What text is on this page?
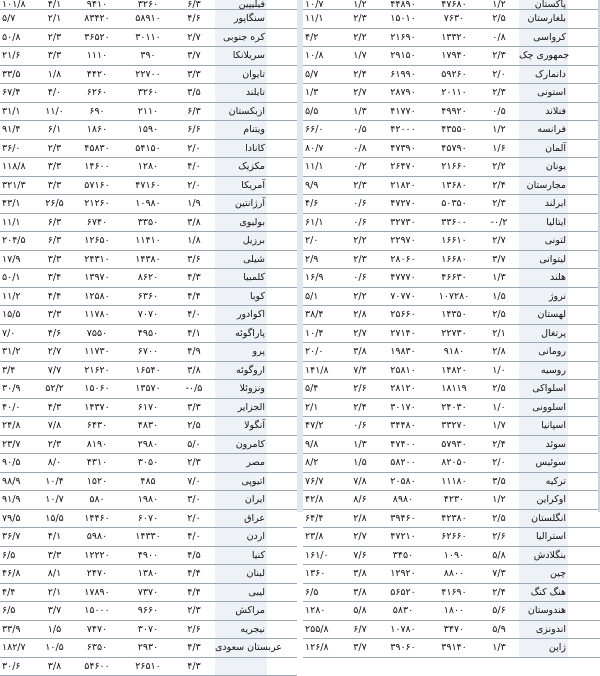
۱۰۱/۸	۴/۱	۹۴۱۰	۳۲۶۰	۶/۳	فیلیپین
۵/۷	۲/۱	۸۳۴۲۰	۵۸۹۱۰	۴/۶	سنگاپور
۵۰/۸	۲/۳	۳۶۵۲۰	۳۰۱۱۰	۲/۷	کره جنوبی
۲۱/۶	۳/۳	۱۱۱۰	۳۹۰	۳/۷	سریلانکا
۳۳/۵	۱/۸	۴۴۲۰	۲۲۷۰۰	۳/۳	تایوان
۶۷/۴	۴/۰	۶۲۶۰	۳۲۶۰	۳/۵	تایلند
۳۱/۱	۱۱/۰	۶۹۰	۲۱۱۰	۶/۳	ازبکستان
۹۱/۴	۶/۱	۱۸۶۰	۱۵۹۰	۶/۶	ویتنام
۳۶/۰	۲/۳	۴۵۸۳۰	۵۴۱۵۰	۲/۰	کانادا
۱۱۸/۸	۳/۳	۱۴۶۰۰	۱۲۸۰	۴/۰	مکزیک
۳۲۱/۳	۳/۳	۵۷۱۶۰	۴۷۱۶۰	۲/۰	آمریکا
۴۳/۱	۲۶/۵	۲۱۲۶۰	۱۰۹۸۰	۱/۹	آرژانتین
۱۱/۱	۶/۳	۶۷۴۰	۳۳۵۰	۳/۸	بولیوی
۲۰۴/۵	۶/۳	۱۲۶۵۰	۱۱۴۱۰	۱/۸	برزیل
۱۷/۹	۳/۳	۲۴۳۱۰	۱۴۳۸۰	۳/۶	شیلی
۵۰/۱	۳/۴	۱۳۹۷۰	۸۶۲۰	۴/۳	کلمبیا
۱۱/۲	۴/۴	۱۲۵۸۰	۶۳۶۰	۴/۴	کوبا
۱۵/۵	۳/۳	۱۱۷۸۰	۷۰۷۰	۴/۰	اکوادور
۷/۰	۴/۶	۷۵۵۰	۴۹۵۰	۴/۱	پاراگوئه
۳۱/۲	۲/۷	۱۱۷۳۰	۶۷۰۰	۴/۹	پرو
۳/۴	۷/۷	۲۱۶۲۰	۱۶۵۴۰	۳/۸	اروگوئه
۳۰/۹	۵۲/۲	۱۵۰۶۰	۱۳۵۷۰	-۰/۵	ونزوئلا
۴۰/۰	۴/۳	۱۴۳۷۰	۶۱۷۰	۳/۳	الجزایر
۲۴/۸	۷/۸	۶۴۳۰	۴۸۳۰	۲/۵	آنگولا
۲۳/۷	۲/۳	۸۱۹۰	۲۹۸۰	۵/۰	کامرون
۹۰/۵	۸/۰	۴۳۱۰	۳۰۵۰	۲/۳	مصر
۹۸/۹	۱۰/۴	۱۵۲۰	۴۸۵	۷/۰	اتیوپی
۹۱/۹	۱۰/۷	۵۸۰	۱۹۸۰	۳/۰	ایران
۷۹/۵	۱۵/۵	۱۴۴۶۰	۶۰۷۰	۲/۰	عراق
۳۶/۷	۴/۱	۵۹۸۰	۱۴۳۳۰	۴/۰	اردن
۶/۵	۳/۳	۱۲۲۲۰	۴۹۰۰	۴/۵	کنیا
۴۶/۸	۸/۱	۲۴۷۰	۱۳۸۰	۴/۴	لبنان
۴/۴	۲/۱	۱۷۸۹۰	۷۳۷۰	۴/۴	لیبی
۶/۵	۳/۷	۱۵۰۰۰	۹۶۶۰	۲/۳	مراکش
۳۳/۹	۱/۵	۷۴۷۰	۳۰۷۰	۲/۶	نیجریه
۱۸۲/۷	۱۰/۵	۶۳۵۰	۲۹۳۰	۴/۳	عربستان سعودی
۳۰/۶	۳/۸	۵۴۶۰۰	۲۶۵۱۰	۴/۳
۱۰/۷	۱/۲	۴۴۸۹۰	۴۷۶۸۰	۱/۲	پاکستان
۱۱/۱	۲/۳	۱۵۰۱۰	۷۶۳۰	۲/۵	بلغارستان
۴/۲	۲/۲	۲۱۶۹۰	۱۳۳۲۰	۰/۸	کرواسی
۱۰/۸	۱/۷	۲۹۱۵۰	۱۷۹۴۰	۲/۳	جمهوری چک
۵/۷	۲/۴	۶۱۹۹۰	۵۹۲۶۰	۲/۰	دانمارک
۱/۳	۲/۷	۲۸۷۹۰	۲۰۱۱۰	۲/۳	استونی
۵/۵	۱/۳	۴۱۷۷۰	۴۹۹۲۰	۰/۵	فنلاند
۶۶/۰	۰/۵	۴۲۰۰۰	۴۳۵۵۰	۱/۲	فرانسه
۸۰/۷	۰/۸	۴۷۳۹۰	۴۵۷۹۰	۱/۶	آلمان
۱۱/۱	۰/۲	۲۶۴۷۰	۲۱۶۶۰	۲/۲	یونان
۹/۹	۲/۳	۲۱۸۲۰	۱۳۶۸۰	۲/۴	مجارستان
۴/۶	۰/۶	۴۷۲۷۰	۵۰۳۵۰	۲/۳	ایرلند
۶۱/۱	۰/۶	۳۲۷۳۰	۳۳۶۰۰	-۰/۲	ایتالیا
۲/۰	۲/۲	۲۲۹۷۰	۱۶۶۱۰	۲/۷	لتونی
۲/۹	۲/۳	۲۸۰۶۰	۱۶۶۸۰	۳/۷	لیتوانی
۱۶/۹	۰/۶	۴۷۷۷۰	۴۶۶۳۰	۱/۳	هلند
۵/۱	۲/۲	۷۰۷۷۰	۱۰۷۲۸۰	۱/۵	نروژ
۳۸/۴	۲/۸	۲۵۶۶۰	۱۴۳۵۰	۲/۵	لهستان
۱۰/۴	۲/۷	۲۷۱۴۰	۲۲۷۳۰	۲/۱	پرتغال
۲۰/۰	۳/۸	۱۹۸۳۰	۹۱۸۰	۲/۸	رومانی
۱۴۱/۸	۷/۴	۲۵۸۱۰	۱۴۸۲۰	۱/۰	روسیه
۵/۴	۲/۶	۲۸۱۲۰	۱۸۱۱۹	۲/۵	اسلواکی
۲/۱	۲/۴	۳۰۱۷۰	۲۴۰۳۰	۱/۰	اسلوونی
۴۷/۲	۰/۶	۳۴۴۸۰	۳۳۲۷۰	۱/۷	اسپانیا
۹/۸	۱/۳	۴۷۴۰۰	۵۷۹۳۰	۲/۴	سوئد
۸/۲	۱/۵	۵۸۲۰۰	۸۲۰۵۰	۲/۰	سوئیس
۷۶/۷	۷/۸	۲۰۵۸۰	۱۱۱۸۰	۳/۵	ترکیه
۴۲/۸	۸/۶	۸۹۸۰	۴۲۳۰	۱/۲	اوکراین
۶۴/۴	۲/۸	۳۹۴۶۰	۴۲۳۸۰	۲/۵	انگلستان
۲۳/۸	۲/۷	۴۷۲۱۰	۶۲۶۶۰	۲/۶	استرالیا
۱۶۱/۰	۷/۶	۳۴۵۰	۱۰۹۰	۵/۸	بنگلادش
۱۳۶۰	۳/۸	۱۲۹۲۰	۸۸۰۰	۷/۳	چین
۶/۵	۳/۸	۵۶۵۲۰	۴۱۶۹۰	۲/۴	هنگ کنگ
۱۲۸۰	۵/۸	۵۸۳۰	۱۸۰۰	۵/۶	هندوستان
۲۵۵/۸	۶/۷	۱۰۷۸۰	۳۴۷۰	۵/۹	اندونزی
۱۲۶/۸	۳/۷	۳۹۰۶۰	۳۹۱۴۰	۱/۳	ژاپن
